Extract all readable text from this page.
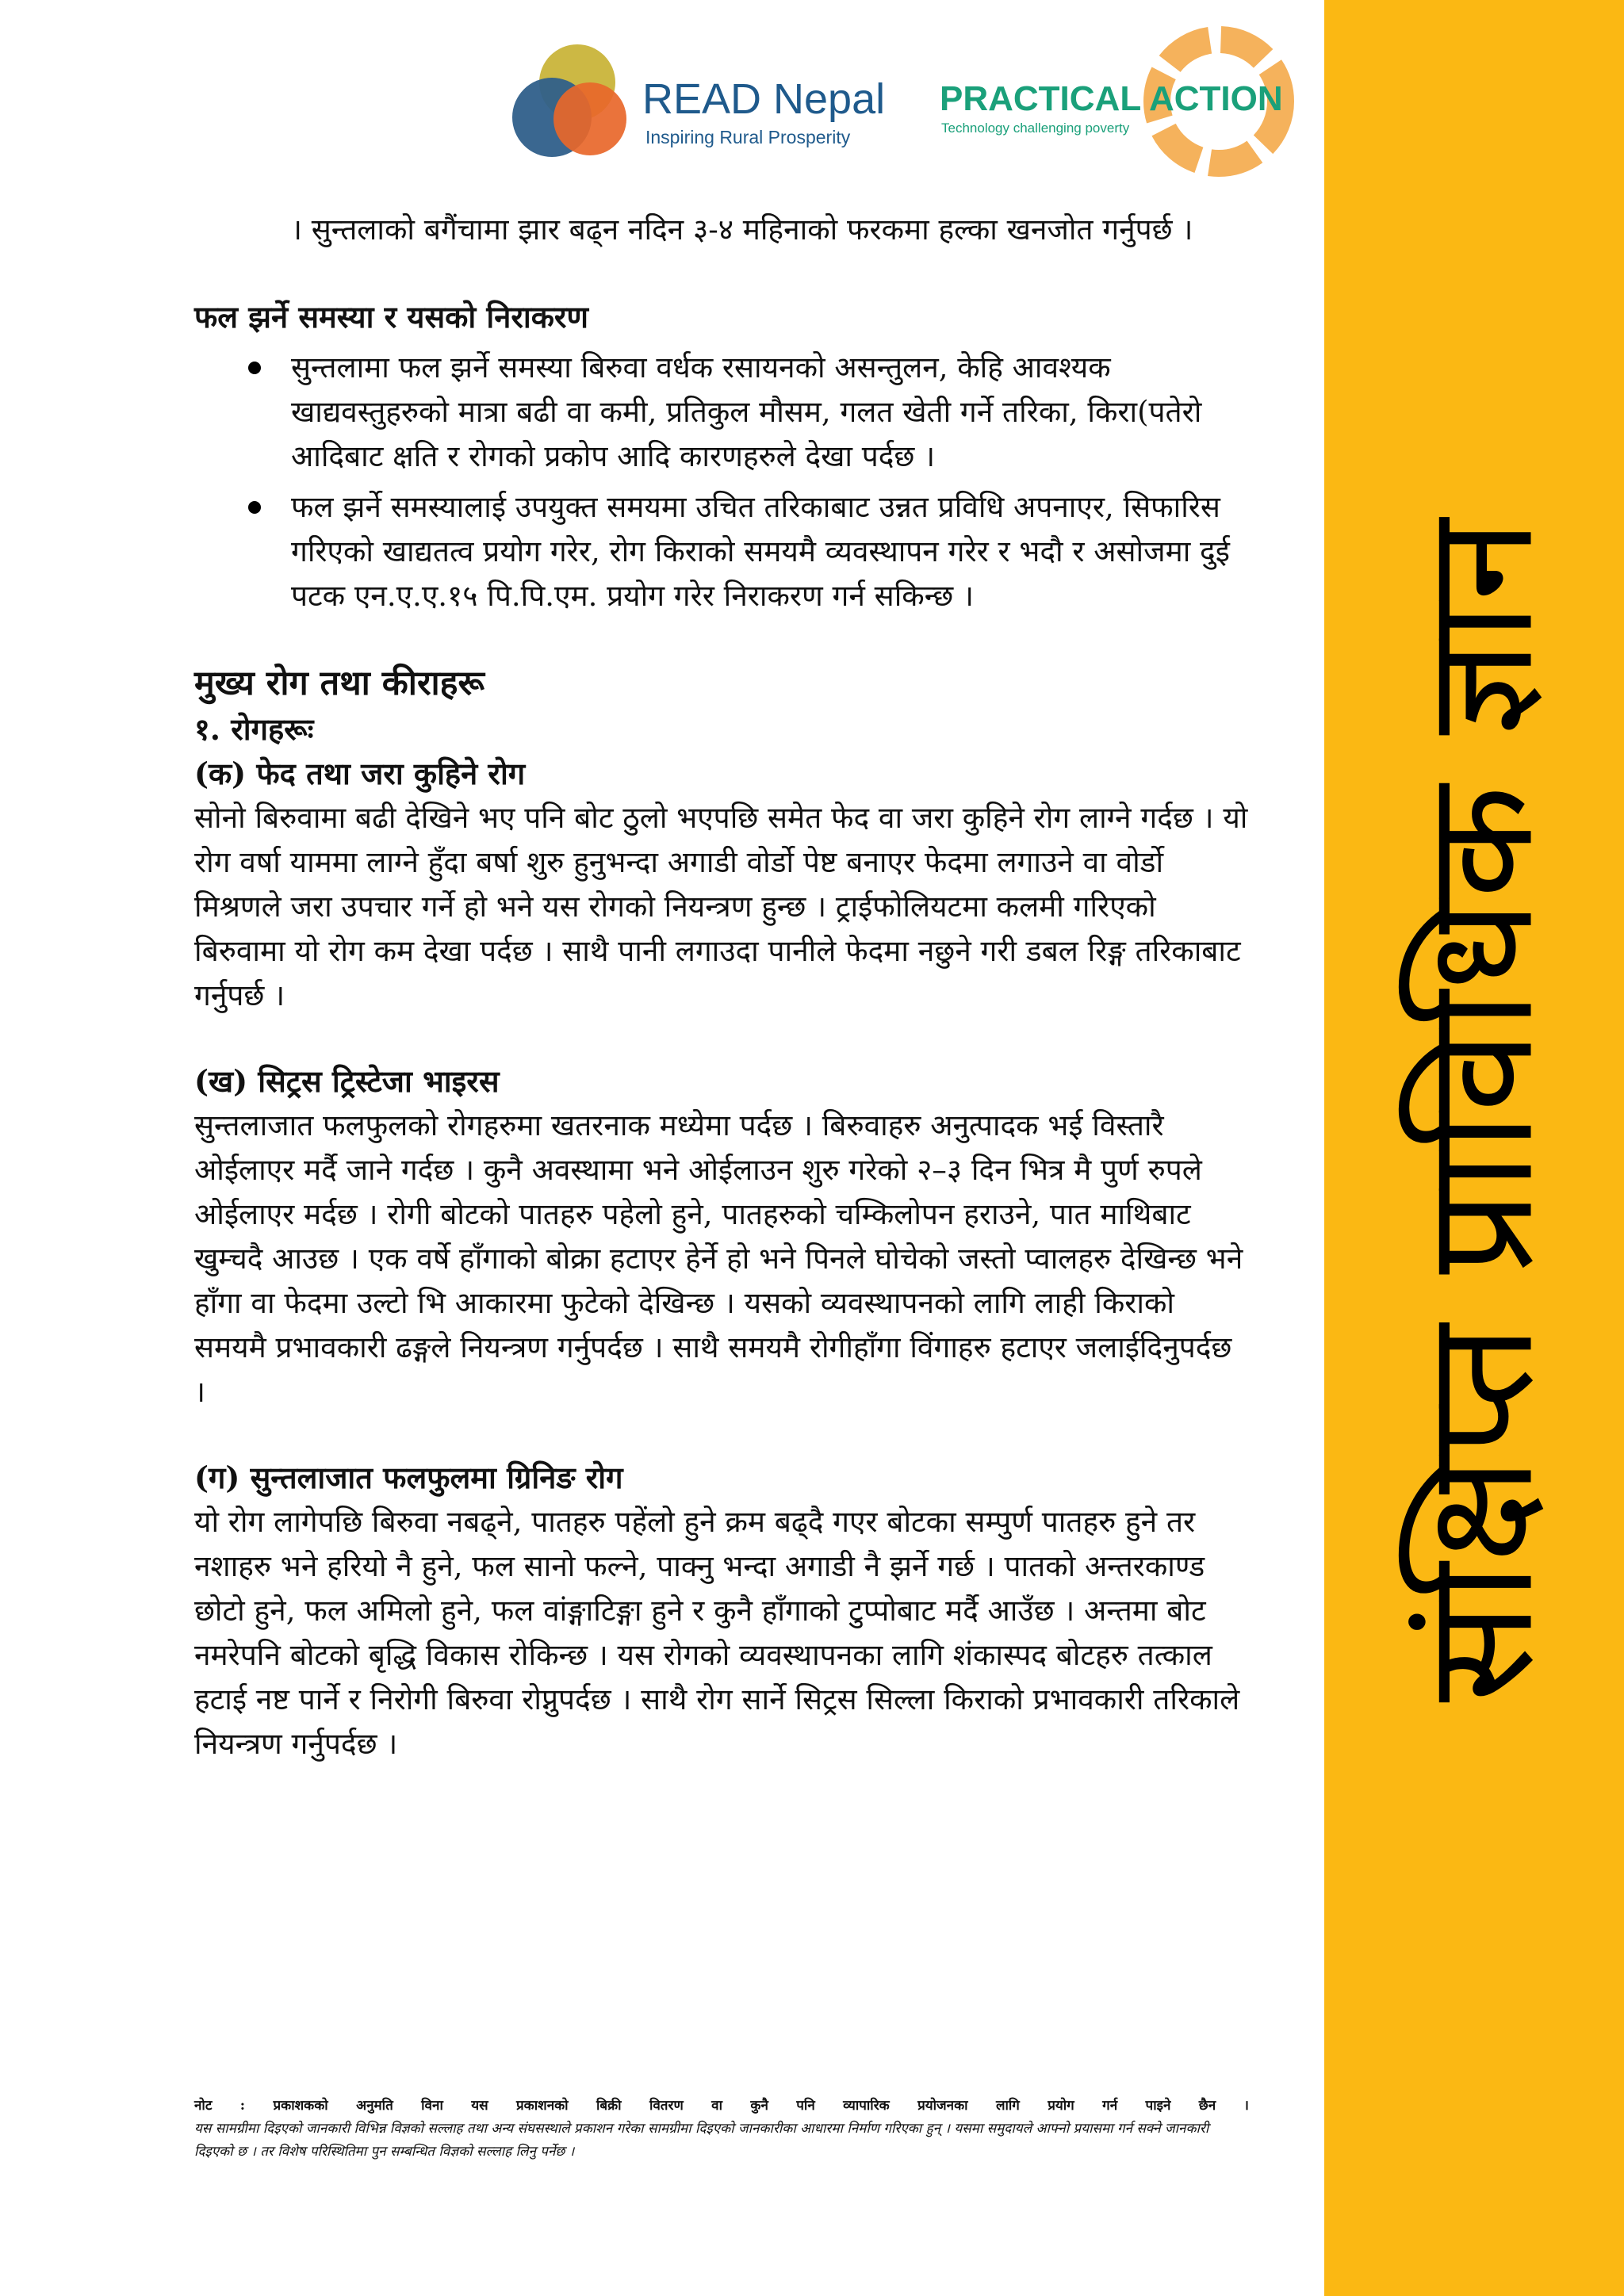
READ Nepal
Inspiring Rural Prosperity
PRACTICAL ACTION
Technology challenging poverty
संक्षिप्त प्राविधिक ज्ञान

। सुन्तलाको बगैंचामा झार बढ्न नदिन ३-४ महिनाको फरकमा हल्का खनजोत गर्नुपर्छ ।

फल झर्ने समस्या र यसको निराकरण

सुन्तलामा फल झर्ने समस्या बिरुवा वर्धक रसायनको असन्तुलन, केहि आवश्यक खाद्यवस्तुहरुको मात्रा बढी वा कमी, प्रतिकुल मौसम, गलत खेती गर्ने तरिका, किरा(पतेरो आदिबाट क्षति र रोगको प्रकोप आदि कारणहरुले देखा पर्दछ ।
फल झर्ने समस्यालाई उपयुक्त समयमा उचित तरिकाबाट उन्नत प्रविधि अपनाएर, सिफारिस गरिएको खाद्यतत्व प्रयोग गरेर, रोग किराको समयमै व्यवस्थापन गरेर र भदौ र असोजमा दुई पटक एन.ए.ए.१५ पि.पि.एम. प्रयोग गरेर निराकरण गर्न सकिन्छ ।

मुख्य रोग तथा कीराहरू

१. रोगहरूः

(क) फेद तथा जरा कुहिने रोग

सोनो बिरुवामा बढी देखिने भए पनि बोट ठुलो भएपछि समेत फेद वा जरा कुहिने रोग लाग्ने गर्दछ । यो रोग वर्षा याममा लाग्ने हुँदा बर्षा शुरु हुनुभन्दा अगाडी वोर्डो पेष्ट बनाएर फेदमा लगाउने वा वोर्डो मिश्रणले जरा उपचार गर्ने हो भने यस रोगको नियन्त्रण हुन्छ । ट्राईफोलियटमा कलमी गरिएको बिरुवामा यो रोग कम देखा पर्दछ । साथै पानी लगाउदा पानीले फेदमा नछुने गरी डबल रिङ्ग तरिकाबाट गर्नुपर्छ ।

(ख) सिट्रस ट्रिस्टेजा भाइरस

सुन्तलाजात फलफुलको रोगहरुमा खतरनाक मध्येमा पर्दछ । बिरुवाहरु अनुत्पादक भई विस्तारै ओईलाएर मर्दै जाने गर्दछ । कुनै अवस्थामा भने ओईलाउन शुरु गरेको २–३ दिन भित्र मै पुर्ण रुपले ओईलाएर मर्दछ । रोगी बोटको पातहरु पहेलो हुने, पातहरुको चम्किलोपन हराउने, पात माथिबाट खुम्चदै आउछ । एक वर्षे हाँगाको बोक्रा हटाएर हेर्ने हो भने पिनले घोचेको जस्तो प्वालहरु देखिन्छ भने हाँगा वा फेदमा उल्टो भि आकारमा फुटेको देखिन्छ । यसको व्यवस्थापनको लागि लाही किराको समयमै प्रभावकारी ढङ्गले नियन्त्रण गर्नुपर्दछ । साथै समयमै रोगीहाँगा विंगाहरु हटाएर जलाईदिनुपर्दछ ।

(ग) सुन्तलाजात फलफुलमा ग्रिनिङ रोग

यो रोग लागेपछि बिरुवा नबढ्ने, पातहरु पहेंलो हुने क्रम बढ्दै गएर बोटका सम्पुर्ण पातहरु हुने तर नशाहरु भने हरियो नै हुने, फल सानो फल्ने, पाक्नु भन्दा अगाडी नै झर्ने गर्छ । पातको अन्तरकाण्ड छोटो हुने, फल अमिलो हुने, फल वांङ्गाटिङ्गा हुने र कुनै हाँगाको टुप्पोबाट मर्दै आउँछ । अन्तमा बोट नमरेपनि बोटको बृद्धि विकास रोकिन्छ । यस रोगको व्यवस्थापनका लागि शंकास्पद बोटहरु तत्काल हटाई नष्ट पार्ने र निरोगी बिरुवा रोप्नुपर्दछ । साथै रोग सार्ने सिट्रस सिल्ला किराको प्रभावकारी तरिकाले नियन्त्रण गर्नुपर्दछ ।

नोट : प्रकाशकको अनुमति विना यस प्रकाशनको बिक्री वितरण वा कुनै पनि व्यापारिक प्रयोजनका लागि प्रयोग गर्न पाइने छैन ।

यस सामग्रीमा दिइएको जानकारी विभिन्न विज्ञको सल्लाह तथा अन्य संघसस्थाले प्रकाशन गरेका सामग्रीमा दिइएको जानकारीका आधारमा निर्माण गरिएका हुन् । यसमा समुदायले आफ्नो प्रयासमा गर्न सक्ने जानकारी दिइएको छ । तर विशेष परिस्थितिमा पुन सम्बन्धित विज्ञको सल्लाह लिनु पर्नेछ ।
